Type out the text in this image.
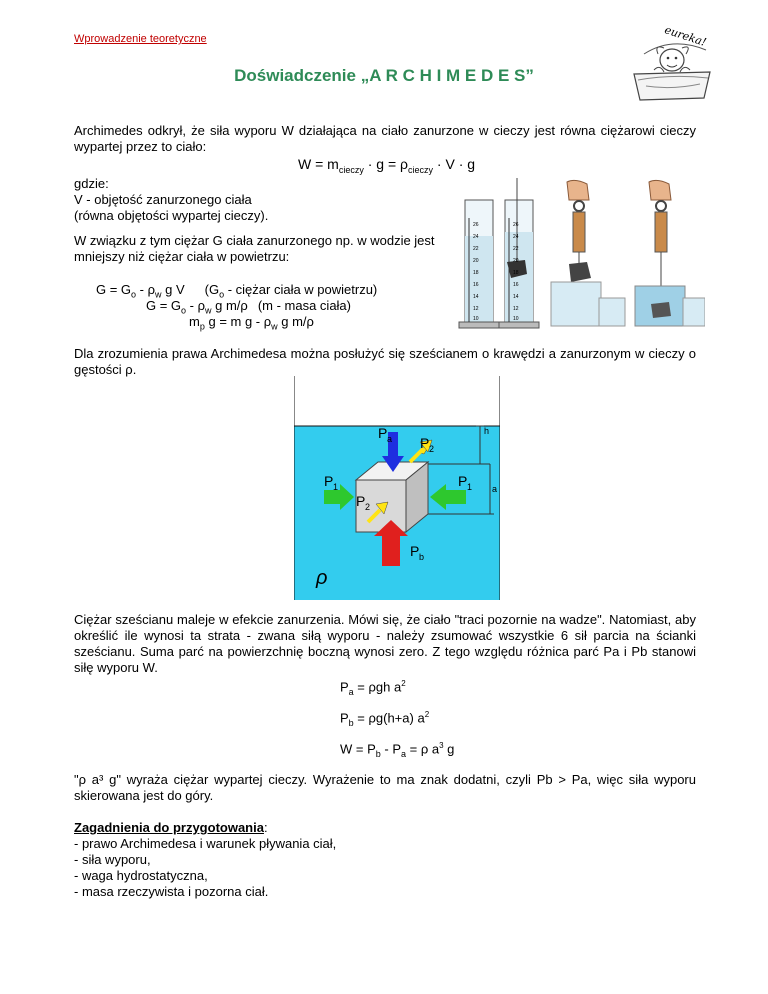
Wprowadzenie teoretyczne	eureka!
Doświadczenie „A R C H I M E D E S”
Archimedes odkrył, że siła wyporu W działająca na ciało zanurzone w cieczy jest równa ciężarowi cieczy wypartej przez to ciało:
$W = m_{cieczy} \cdot g = \rho_{cieczy} \cdot V \cdot g$
gdzie:
V - objętość zanurzonego ciała
(równa objętości wypartej cieczy).
W związku z tym ciężar G ciała zanurzonego np. w wodzie jest
mniejszy niż ciężar ciała w powietrzu:
$G = G_o - \rho_w$ g V ($G_o$ - ciężar ciała w powietrzu)
$G = G_o - \rho_w$ g m/ρ (m - masa ciała)
$m_p$ g = m g - $\rho_w$ g m/ρ
26
24
22
20
18
16
14
12
10
26
24
22
20
18
16
14
12
10
Dla zrozumienia prawa Archimedesa można posłużyć się sześcianem o krawędzi a zanurzonym w cieczy o gęstości ρ.
h
a
P a P 2
P 1	P 1
P 2
P b
ρ
Ciężar sześcianu maleje w efekcie zanurzenia. Mówi się, że ciało "traci pozornie na wadze". Natomiast, aby określić ile wynosi ta strata - zwana siłą wyporu - należy zsumować wszystkie 6 sił parcia na ścianki sześcianu. Suma parć na powierzchnię boczną wynosi zero. Z tego względu różnica parć Pa i Pb stanowi siłę wyporu W.
$P_a = \rho gh$ $a^2$
$P_b = \rho g(h+a)$ $a^2$
$W = P_b - P_a = \rho$ $a^3$ g
"ρ a³ g" wyraża ciężar wypartej cieczy. Wyrażenie to ma znak dodatni, czyli Pb > Pa, więc siła wyporu skierowana jest do góry.
Zagadnienia do przygotowania:
- prawo Archimedesa i warunek pływania ciał,
- siła wyporu,
- waga hydrostatyczna,
- masa rzeczywista i pozorna ciał.
